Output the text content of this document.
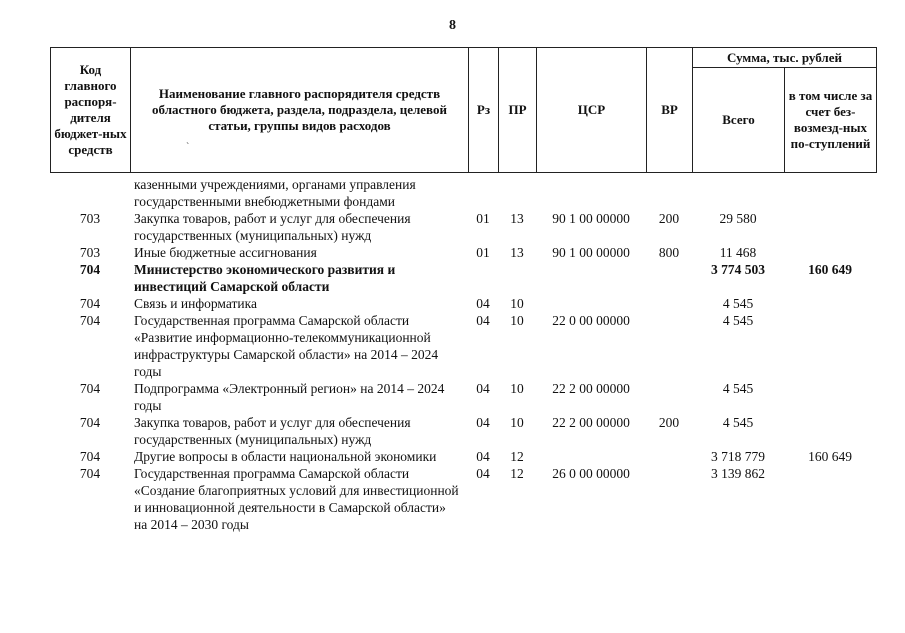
8
Код главного распоря-дителя бюджет-ных средств	Наименование главного распорядителя средств областного бюджета, раздела, подраздела, целевой статьи, группы видов расходов	Рз	ПР	ЦСР	ВР	Сумма, тыс. рублей	
						Всего	в том числе за счет без-возмезд-ных по-ступлений
`
	казенными учреждениями, органами управления государственными внебюджетными фондами						
703	Закупка товаров, работ и услуг для обеспечения государственных (муниципальных) нужд	01	13	90 1 00 00000	200	29 580	
703	Иные бюджетные ассигнования	01	13	90 1 00 00000	800	11 468	
704	Министерство экономического развития и инвестиций Самарской области					3 774 503	160 649
704	Связь и информатика	04	10			4 545	
704	Государственная программа Самарской области «Развитие информационно-телекоммуникационной инфраструктуры Самарской области» на 2014 – 2024 годы	04	10	22 0 00 00000		4 545	
704	Подпрограмма «Электронный регион» на 2014 – 2024 годы	04	10	22 2 00 00000		4 545	
704	Закупка товаров, работ и услуг для обеспечения государственных (муниципальных) нужд	04	10	22 2 00 00000	200	4 545	
704	Другие вопросы в области национальной экономики	04	12			3 718 779	160 649
704	Государственная программа Самарской области «Создание благоприятных условий для инвестиционной и инновационной деятельности в Самарской области» на 2014 – 2030 годы	04	12	26 0 00 00000		3 139 862	
